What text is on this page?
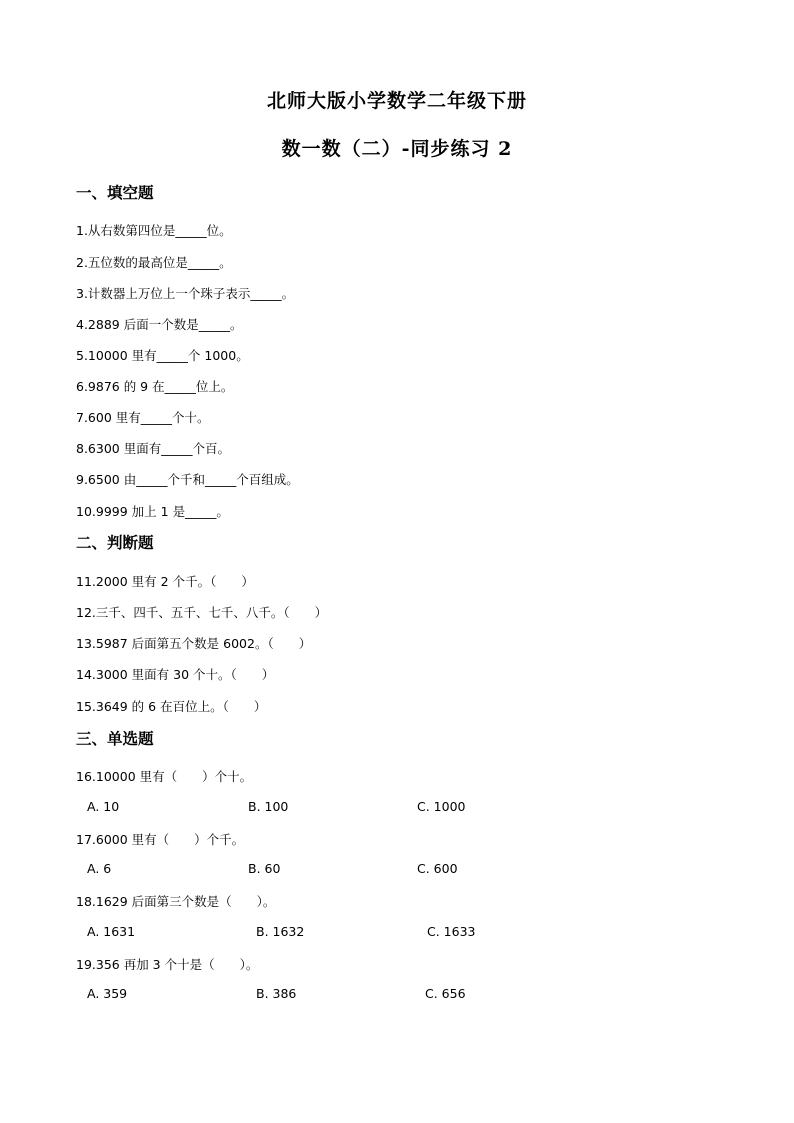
北师大版小学数学二年级下册
数一数（二）-同步练习 2
一、填空题
1.从右数第四位是_____位。
2.五位数的最高位是_____。
3.计数器上万位上一个珠子表示_____。
4.2889 后面一个数是_____。
5.10000 里有_____个 1000。
6.9876 的 9 在_____位上。
7.600 里有_____个十。
8.6300 里面有_____个百。
9.6500 由_____个千和_____个百组成。
10.9999 加上 1 是_____。
二、判断题
11.2000 里有 2 个千。（　　）
12.三千、四千、五千、七千、八千。（　　）
13.5987 后面第五个数是 6002。（　　）
14.3000 里面有 30 个十。（　　）
15.3649 的 6 在百位上。（　　）
三、单选题
16.10000 里有（　　）个十。
A. 10	B. 100	C. 1000
17.6000 里有（　　）个千。
A. 6	B. 60	C. 600
18.1629 后面第三个数是（　　）。
A. 1631	B. 1632	C. 1633
19.356 再加 3 个十是（　　）。
A. 359	B. 386	C. 656
